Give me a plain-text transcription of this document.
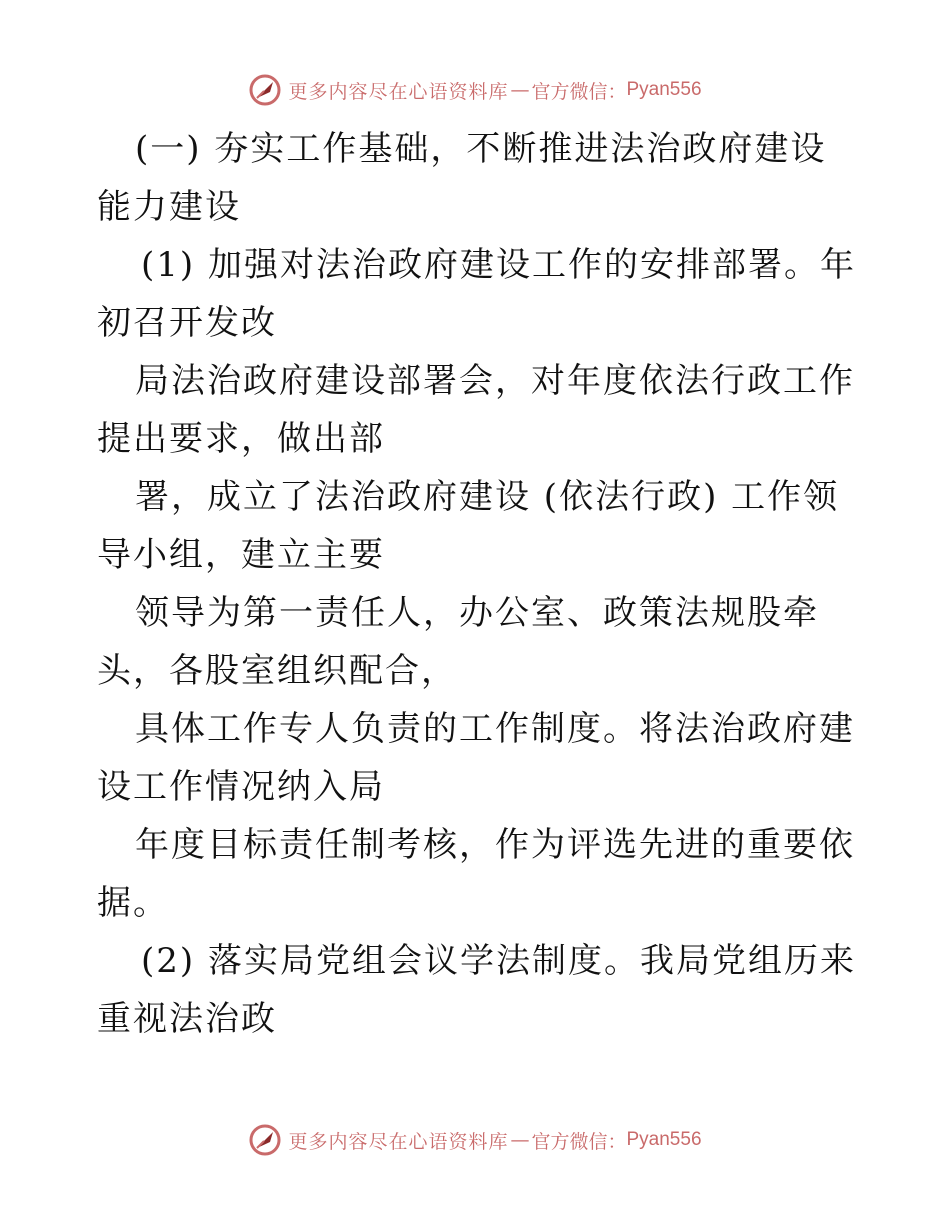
更多内容尽在心语资料库 — 官方微信： Pyan556

(一) 夯实工作基础，不断推进法治政府建设能力建设

(1) 加强对法治政府建设工作的安排部署。年初召开发改

局法治政府建设部署会，对年度依法行政工作提出要求，做出部

署，成立了法治政府建设 (依法行政) 工作领导小组，建立主要

领导为第一责任人，办公室、政策法规股牵头，各股室组织配合，

具体工作专人负责的工作制度。将法治政府建设工作情况纳入局

年度目标责任制考核，作为评选先进的重要依据。

(2) 落实局党组会议学法制度。我局党组历来重视法治政

更多内容尽在心语资料库 — 官方微信： Pyan556
